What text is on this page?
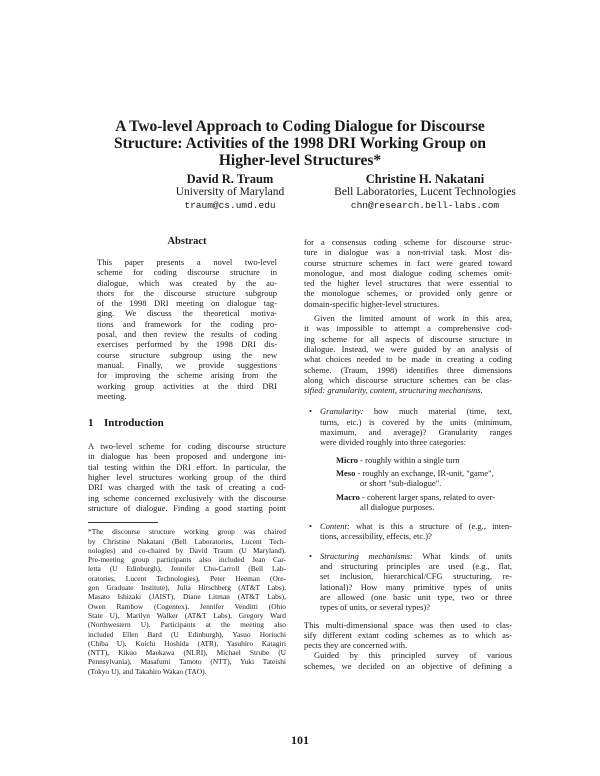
A Two-level Approach to Coding Dialogue for Discourse
Structure: Activities of the 1998 DRI Working Group on
Higher-level Structures*
David R. Traum
University of Maryland
traum@cs.umd.edu
Christine H. Nakatani
Bell Laboratories, Lucent Technologies
chn@research.bell-labs.com
Abstract
This paper presents a novel two-level
scheme for coding discourse structure in
dialogue, which was created by the au-
thors for the discourse structure subgroup
of the 1998 DRI meeting on dialogue tag-
ging. We discuss the theoretical motiva-
tions and framework for the coding pro-
posal, and then review the results of coding
exercises performed by the 1998 DRI dis-
course structure subgroup using the new
manual. Finally, we provide suggestions
for improving the scheme arising from the
working group activities at the third DRI
meeting.
1 Introduction
A two-level scheme for coding discourse structure
in dialogue has been proposed and undergone ini-
tial testing within the DRI effort. In particular, the
higher level structures working group of the third
DRI was charged with the task of creating a cod-
ing scheme concerned exclusively with the discourse
structure of dialogue. Finding a good starting point
*The discourse structure working group was chaired
by Christine Nakatani (Bell Laboratories, Lucent Tech-
nologies) and co-chaired by David Traum (U Maryland).
Pre-meeting group participants also included Jean Car-
letta (U Edinburgh), Jennifer Chu-Carroll (Bell Lab-
oratories, Lucent Technologies), Peter Heeman (Ore-
gon Graduate Institute), Julia Hirschberg (AT&T Labs),
Masato Ishizaki (JAIST), Diane Litman (AT&T Labs),
Owen Rambow (Cogentex), Jennifer Venditti (Ohio
State U), Marilyn Walker (AT&T Labs), Gregory Ward
(Northwestern U). Participants at the meeting also
included Ellen Bard (U Edinburgh), Yasuo Horiuchi
(Chiba U), Koichi Hoshida (ATR), Yasuhiro Katagiri
(NTT), Kikuo Maekawa (NLRI), Michael Strube (U
Pennsylvania), Masafumi Tamoto (NTT), Yuki Tateishi
(Tokyo U), and Takahiro Wakao (TAO).
for a consensus coding scheme for discourse struc-
ture in dialogue was a non-trivial task. Most dis-
course structure schemes in fact were geared toward
monologue, and most dialogue coding schemes omit-
ted the higher level structures that were essential to
the monologue schemes, or provided only genre or
domain-specific higher-level structures.
Given the limited amount of work in this area,
it was impossible to attempt a comprehensive cod-
ing scheme for all aspects of discourse structure in
dialogue. Instead, we were guided by an analysis of
what choices needed to be made in creating a coding
scheme. (Traum, 1998) identifies three dimensions
along which discourse structure schemes can be clas-
sified: granularity, content, structuring mechanisms.
• Granularity: how much material (time, text,
turns, etc.) is covered by the units (minimum,
maximum, and average)? Granularity ranges
were divided roughly into three categories:
Micro - roughly within a single turn
Meso - roughly an exchange, IR-unit, "game",
or short "sub-dialogue".
Macro - coherent larger spans, related to over-
all dialogue purposes.
• Content: what is this a structure of (e.g., inten-
tions, accessibility, effects, etc.)?
• Structuring mechanisms: What kinds of units
and structuring principles are used (e.g., flat,
set inclusion, hierarchical/CFG structuring, re-
lational)? How many primitive types of units
are allowed (one basic unit type, two or three
types of units, or several types)?
This multi-dimensional space was then used to clas-
sify different extant coding schemes as to which as-
pects they are concerned with.
Guided by this principled survey of various
schemes, we decided on an objective of defining a
101
